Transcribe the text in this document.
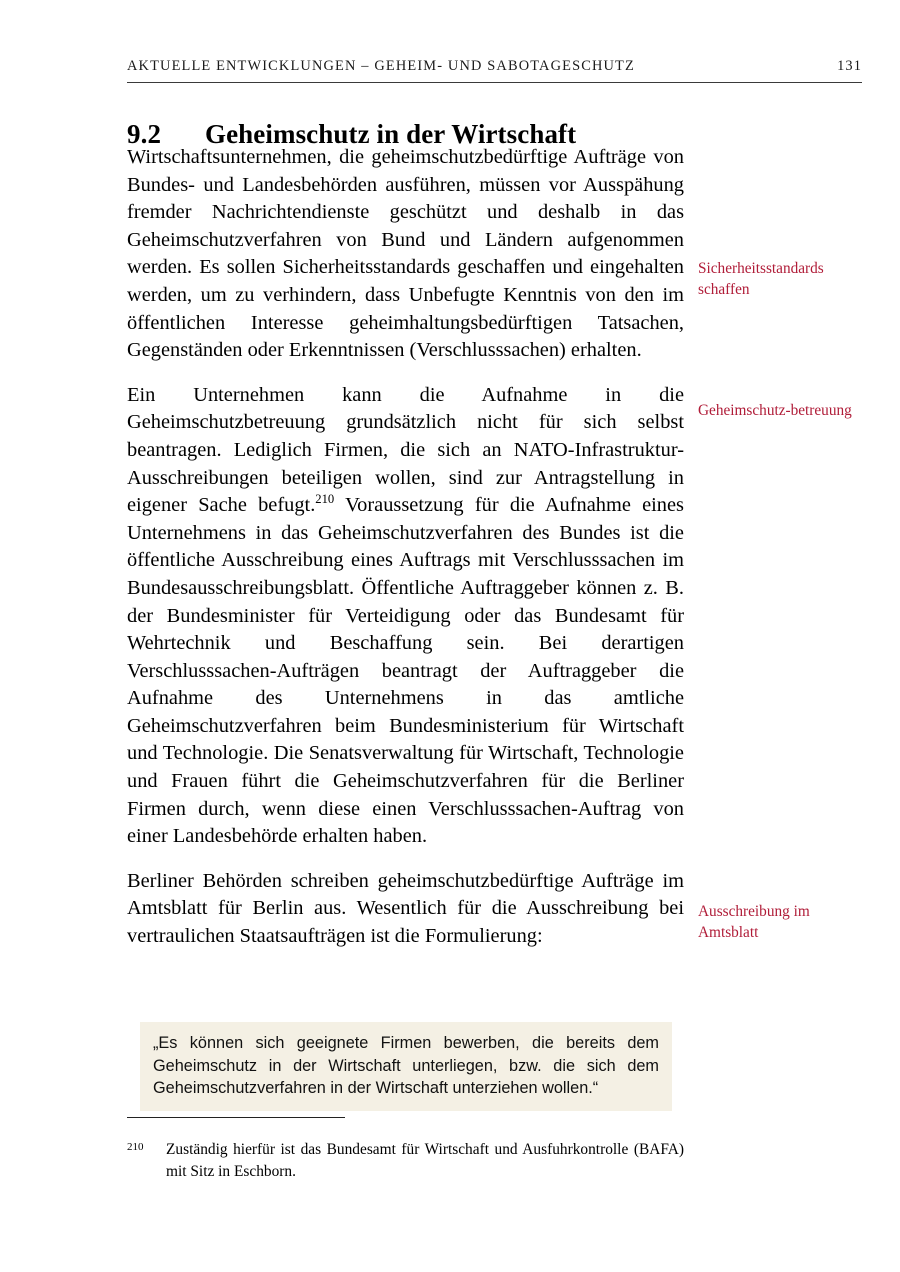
AKTUELLE ENTWICKLUNGEN – GEHEIM- UND SABOTAGESCHUTZ	131
9.2 Geheimschutz in der Wirtschaft

Wirtschaftsunternehmen, die geheimschutzbedürftige Aufträge von Bundes- und Landesbehörden ausführen, müssen vor Ausspähung fremder Nachrichtendienste geschützt und deshalb in das Geheimschutzverfahren von Bund und Ländern aufgenommen werden. Es sollen Sicherheitsstandards geschaffen und eingehalten werden, um zu verhindern, dass Unbefugte Kenntnis von den im öffentlichen Interesse geheimhaltungsbedürftigen Tatsachen, Gegenständen oder Erkenntnissen (Verschlusssachen) erhalten.

Ein Unternehmen kann die Aufnahme in die Geheimschutzbetreuung grundsätzlich nicht für sich selbst beantragen. Lediglich Firmen, die sich an NATO-Infrastruktur-Ausschreibungen beteiligen wollen, sind zur Antragstellung in eigener Sache befugt.$^{210}$ Voraussetzung für die Aufnahme eines Unternehmens in das Geheimschutzverfahren des Bundes ist die öffentliche Ausschreibung eines Auftrags mit Verschlusssachen im Bundesausschreibungsblatt. Öffentliche Auftraggeber können z. B. der Bundesminister für Verteidigung oder das Bundesamt für Wehrtechnik und Beschaffung sein. Bei derartigen Verschlusssachen-Aufträgen beantragt der Auftraggeber die Aufnahme des Unternehmens in das amtliche Geheimschutzverfahren beim Bundesministerium für Wirtschaft und Technologie. Die Senatsverwaltung für Wirtschaft, Technologie und Frauen führt die Geheimschutzverfahren für die Berliner Firmen durch, wenn diese einen Verschlusssachen-Auftrag von einer Landesbehörde erhalten haben.

Berliner Behörden schreiben geheimschutzbedürftige Aufträge im Amtsblatt für Berlin aus. Wesentlich für die Ausschreibung bei vertraulichen Staatsaufträgen ist die Formulierung:

Sicherheitsstandards schaffen
Geheimschutz-betreuung
Ausschreibung im Amtsblatt

„Es können sich geeignete Firmen bewerben, die bereits dem Geheimschutz in der Wirtschaft unterliegen, bzw. die sich dem Geheimschutzverfahren in der Wirtschaft unterziehen wollen.“

210 Zuständig hierfür ist das Bundesamt für Wirtschaft und Ausfuhrkontrolle (BAFA) mit Sitz in Eschborn.
